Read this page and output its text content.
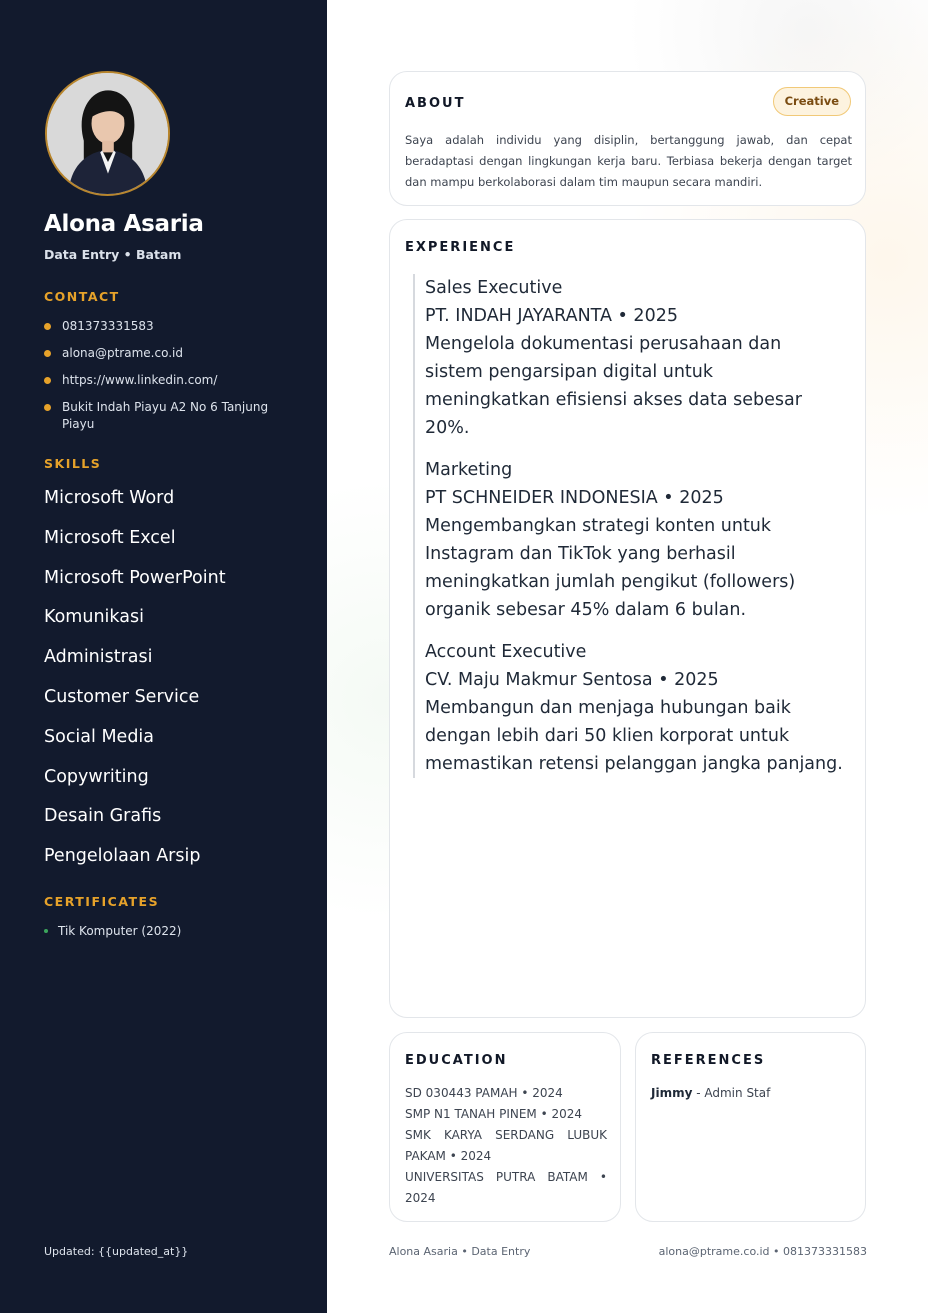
Alona Asaria
Data Entry • Batam
CONTACT
081373331583
alona@ptrame.co.id
https://www.linkedin.com/
Bukit Indah Piayu A2 No 6 Tanjung Piayu
SKILLS
Microsoft Word
Microsoft Excel
Microsoft PowerPoint
Komunikasi
Administrasi
Customer Service
Social Media
Copywriting
Desain Grafis
Pengelolaan Arsip
CERTIFICATES
Tik Komputer (2022)
Updated: {{updated_at}}
ABOUT	Creative

Saya adalah individu yang disiplin, bertanggung jawab, dan cepat beradaptasi dengan lingkungan kerja baru. Terbiasa bekerja dengan target dan mampu berkolaborasi dalam tim maupun secara mandiri.

EXPERIENCE
Sales Executive
PT. INDAH JAYARANTA • 2025
Mengelola dokumentasi perusahaan dan sistem pengarsipan digital untuk meningkatkan efisiensi akses data sebesar 20%.
Marketing
PT SCHNEIDER INDONESIA • 2025
Mengembangkan strategi konten untuk Instagram dan TikTok yang berhasil meningkatkan jumlah pengikut (followers) organik sebesar 45% dalam 6 bulan.
Account Executive
CV. Maju Makmur Sentosa • 2025
Membangun dan menjaga hubungan baik dengan lebih dari 50 klien korporat untuk memastikan retensi pelanggan jangka panjang.
EDUCATION
SD 030443 PAMAH • 2024
SMP N1 TANAH PINEM • 2024
SMK KARYA SERDANG LUBUK PAKAM • 2024
UNIVERSITAS PUTRA BATAM • 2024
REFERENCES
Jimmy - Admin Staf
Alona Asaria • Data Entry	alona@ptrame.co.id • 081373331583
